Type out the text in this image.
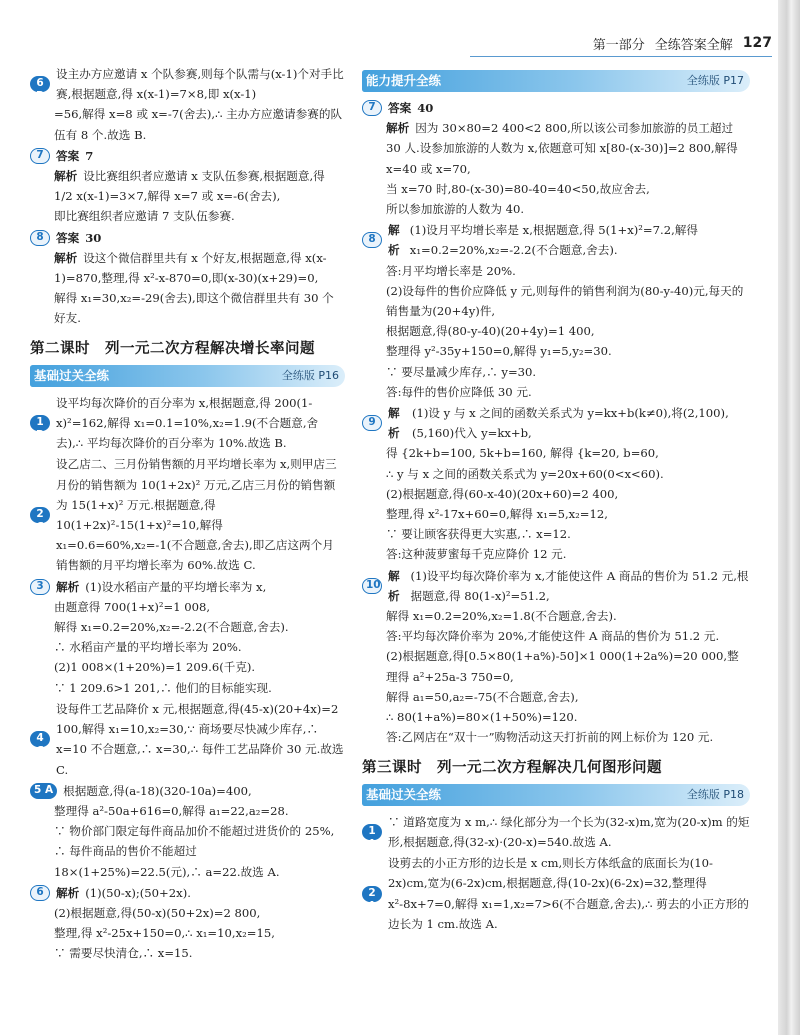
第一部分 全练答案全解 127
6 B
设主办方应邀请 x 个队参赛,则每个队需与(x-1)个对手比赛,根据题意,得 x(x-1)=7×8,即 x(x-1)
=56,解得 x=8 或 x=-7(舍去),∴ 主办方应邀请参赛的队伍有 8 个.故选 B.
7	答案 7
解析 设比赛组织者应邀请 x 支队伍参赛,根据题意,得 1/2 x(x-1)=3×7,解得 x=7 或 x=-6(舍去),
即比赛组织者应邀请 7 支队伍参赛.
8	答案 30
解析 设这个微信群里共有 x 个好友,根据题意,得 x(x-1)=870,整理,得 x²-x-870=0,即(x-30)(x+29)=0,
解得 x₁=30,x₂=-29(舍去),即这个微信群里共有 30 个好友.
第二课时　列一元二次方程解决增长率问题
基础过关全练	全练版 P16
1 B
设平均每次降价的百分率为 x,根据题意,得 200(1-x)²=162,解得 x₁=0.1=10%,x₂=1.9(不合题意,舍去),∴ 平均每次降价的百分率为 10%.故选 B.
2 C
设乙店二、三月份销售额的月平均增长率为 x,则甲店三月份的销售额为 10(1+2x)² 万元,乙店三月份的销售额为 15(1+x)² 万元.根据题意,得 10(1+2x)²-15(1+x)²=10,解得 x₁=0.6=60%,x₂=-1(不合题意,舍去),即乙店这两个月销售额的月平均增长率为 60%.故选 C.
3	解析 (1)设水稻亩产量的平均增长率为 x,
由题意得 700(1+x)²=1 008,
解得 x₁=0.2=20%,x₂=-2.2(不合题意,舍去).
∴ 水稻亩产量的平均增长率为 20%.
(2)1 008×(1+20%)=1 209.6(千克).
∵ 1 209.6>1 201,∴ 他们的目标能实现.
4 C
设每件工艺品降价 x 元,根据题意,得(45-x)(20+4x)=2 100,解得 x₁=10,x₂=30,∵ 商场要尽快减少库存,∴ x=10 不合题意,∴ x=30,∴ 每件工艺品降价 30 元.故选 C.
5 A 根据题意,得(a-18)(320-10a)=400,
整理得 a²-50a+616=0,解得 a₁=22,a₂=28.
∵ 物价部门限定每件商品加价不能超过进货价的 25%,
∴ 每件商品的售价不能超过 18×(1+25%)=22.5(元),∴ a=22.故选 A.
6	解析 (1)(50-x);(50+2x).
(2)根据题意,得(50-x)(50+2x)=2 800,
整理,得 x²-25x+150=0,∴ x₁=10,x₂=15,
∵ 需要尽快清仓,∴ x=15.
能力提升全练	全练版 P17
7	答案 40
解析 因为 30×80=2 400<2 800,所以该公司参加旅游的员工超过 30 人.设参加旅游的人数为 x,依题意可知 x[80-(x-30)]=2 800,解得 x=40 或 x=70,
当 x=70 时,80-(x-30)=80-40=40<50,故应舍去,
所以参加旅游的人数为 40.
8
解析
(1)设月平均增长率是 x,根据题意,得 5(1+x)²=7.2,解得 x₁=0.2=20%,x₂=-2.2(不合题意,舍去).
答:月平均增长率是 20%.
(2)设每件的售价应降低 y 元,则每件的销售利润为(80-y-40)元,每天的销售量为(20+4y)件,
根据题意,得(80-y-40)(20+4y)=1 400,
整理得 y²-35y+150=0,解得 y₁=5,y₂=30.
∵ 要尽量减少库存,∴ y=30.
答:每件的售价应降低 30 元.
9
解析
(1)设 y 与 x 之间的函数关系式为 y=kx+b(k≠0),将(2,100),(5,160)代入 y=kx+b,
得 {2k+b=100, 5k+b=160, 解得 {k=20, b=60,
∴ y 与 x 之间的函数关系式为 y=20x+60(0<x<60).
(2)根据题意,得(60-x-40)(20x+60)=2 400,
整理,得 x²-17x+60=0,解得 x₁=5,x₂=12,
∵ 要让顾客获得更大实惠,∴ x=12.
答:这种菠萝蜜每千克应降价 12 元.
10
解析
(1)设平均每次降价率为 x,才能使这件 A 商品的售价为 51.2 元,根据题意,得 80(1-x)²=51.2,
解得 x₁=0.2=20%,x₂=1.8(不合题意,舍去).
答:平均每次降价率为 20%,才能使这件 A 商品的售价为 51.2 元.
(2)根据题意,得[0.5×80(1+a%)-50]×1 000(1+2a%)=20 000,整理得 a²+25a-3 750=0,
解得 a₁=50,a₂=-75(不合题意,舍去),
∴ 80(1+a%)=80×(1+50%)=120.
答:乙网店在“双十一”购物活动这天打折前的网上标价为 120 元.
第三课时　列一元二次方程解决几何图形问题
基础过关全练	全练版 P18
1 A
∵ 道路宽度为 x m,∴ 绿化部分为一个长为(32-x)m,宽为(20-x)m 的矩形,根据题意,得(32-x)·(20-x)=540.故选 A.
2 A
设剪去的小正方形的边长是 x cm,则长方体纸盒的底面长为(10-2x)cm,宽为(6-2x)cm,根据题意,得(10-2x)(6-2x)=32,整理得 x²-8x+7=0,解得 x₁=1,x₂=7>6(不合题意,舍去),∴ 剪去的小正方形的边长为 1 cm.故选 A.
